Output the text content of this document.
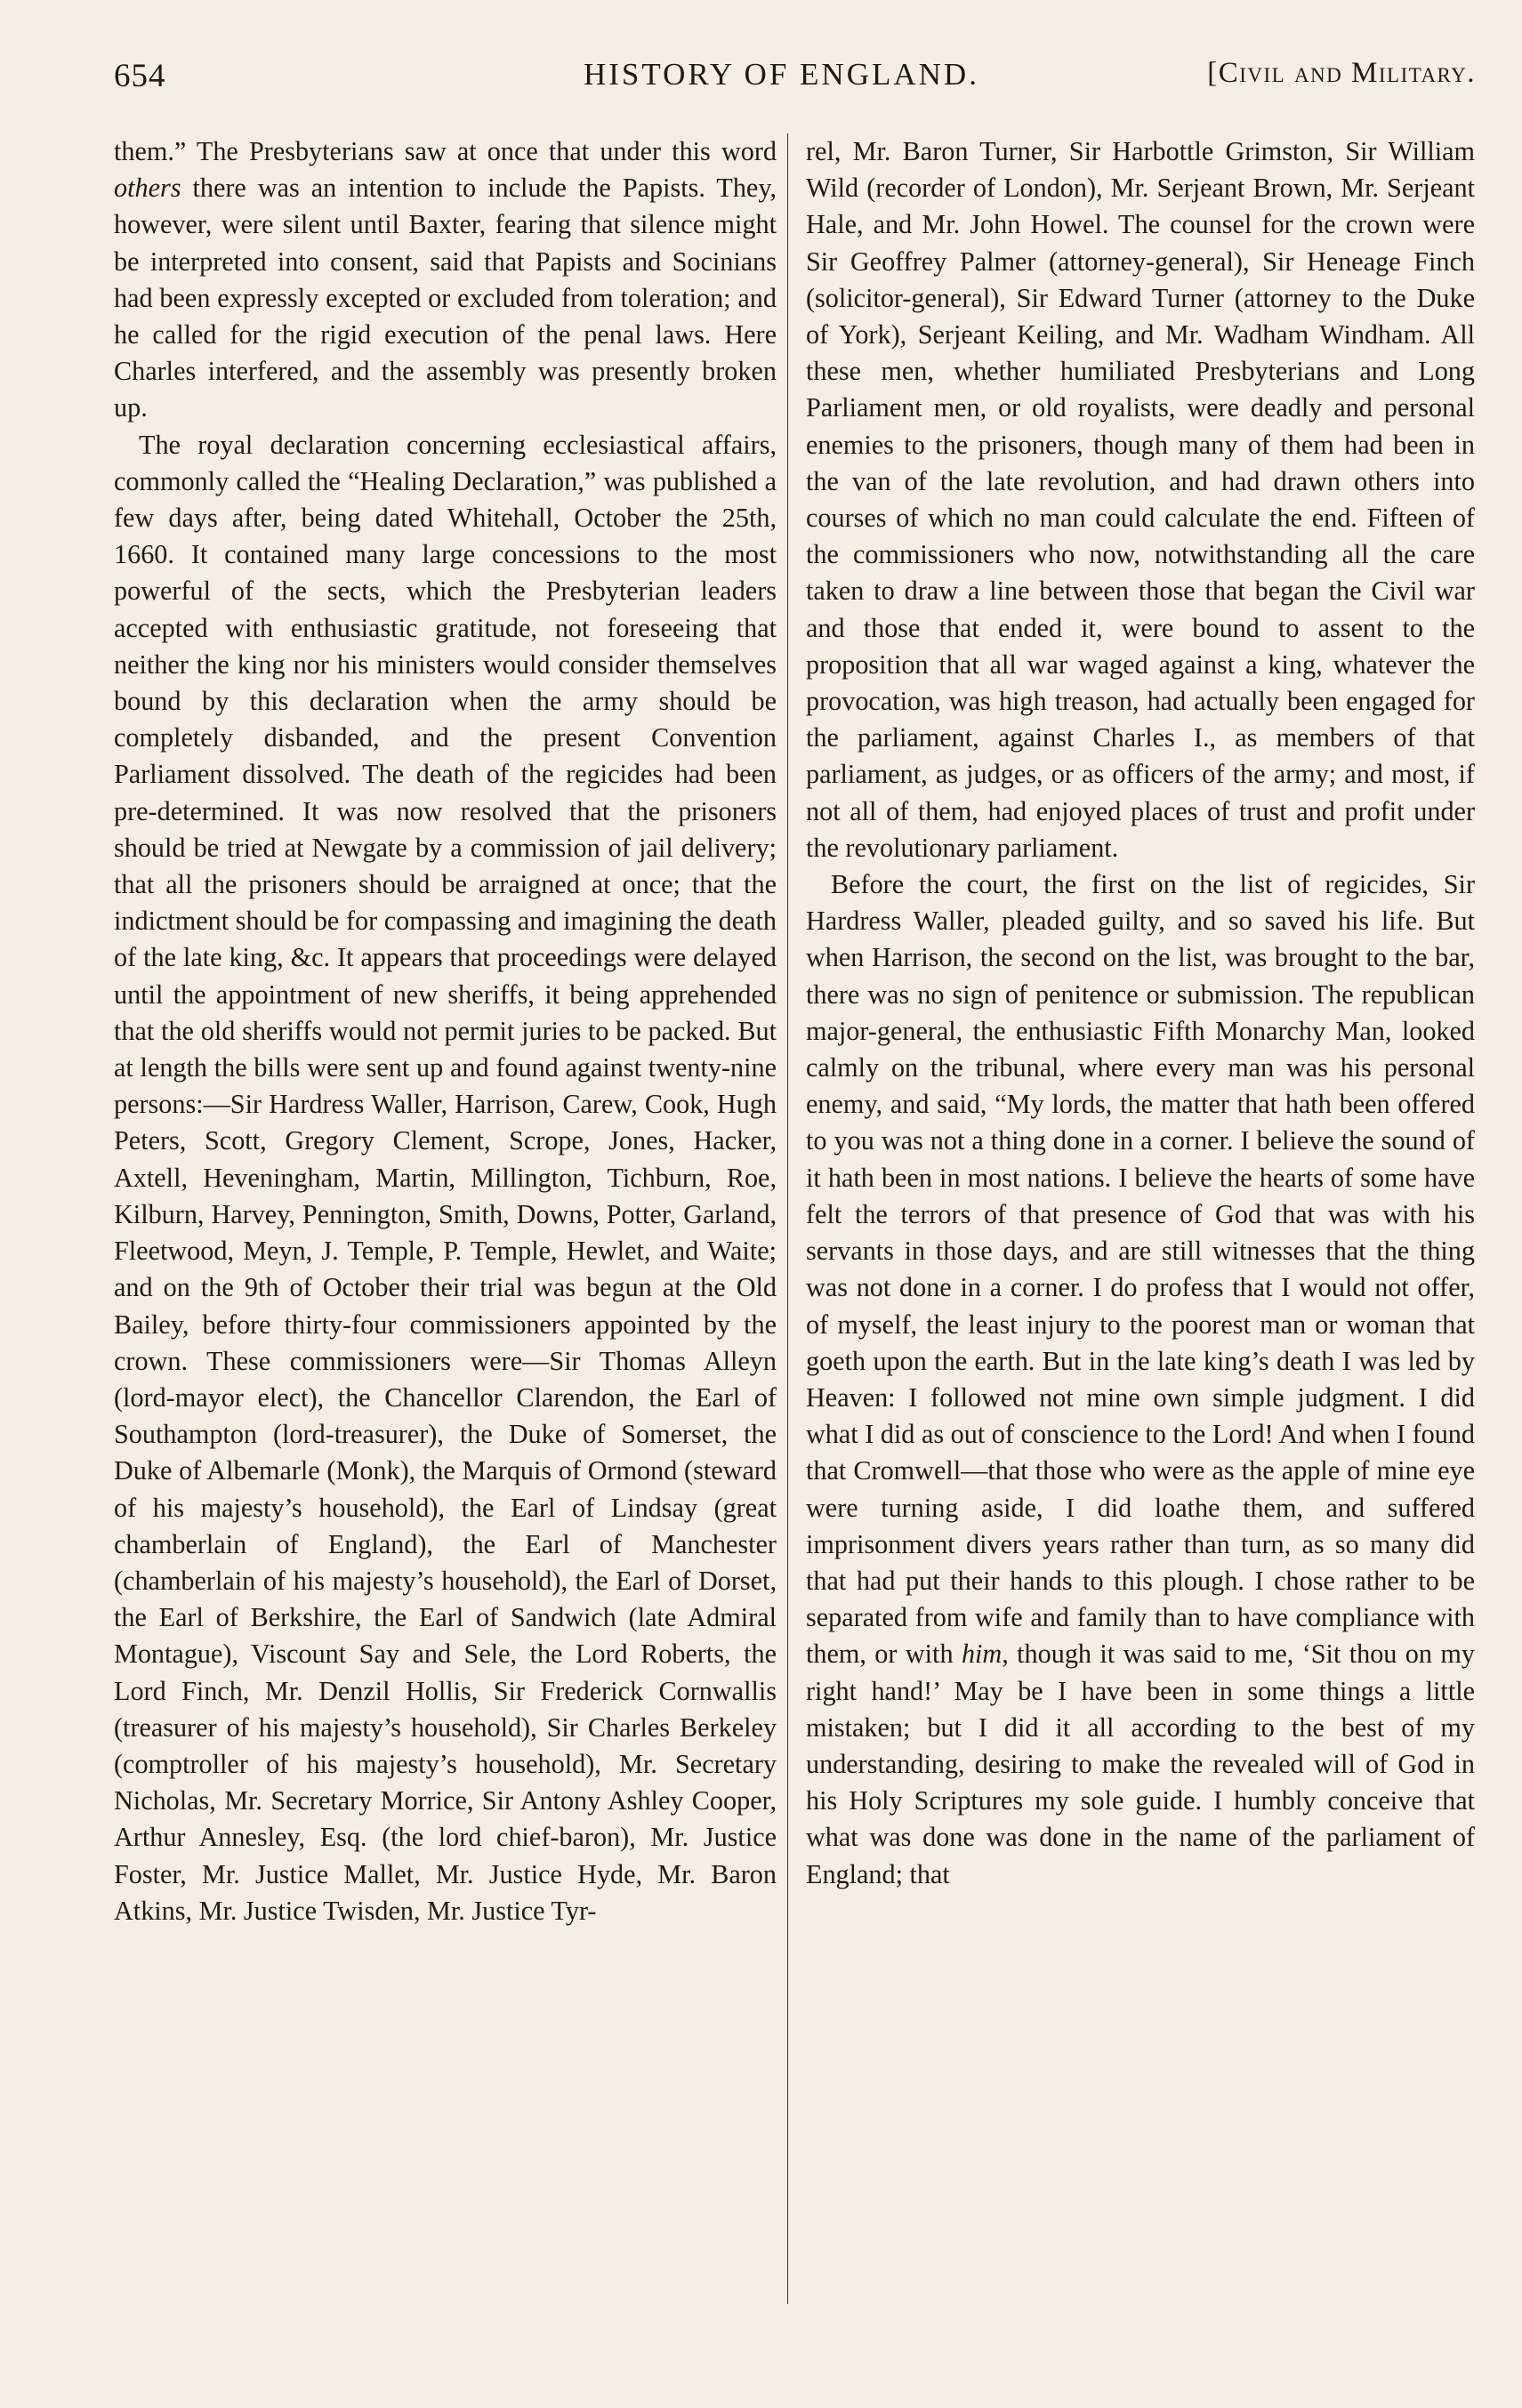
654	HISTORY OF ENGLAND.	[Civil and Military.

them.” The Presbyterians saw at once that under this word others there was an intention to include the Papists. They, however, were silent until Baxter, fearing that silence might be interpreted into consent, said that Papists and Socinians had been expressly excepted or excluded from toleration; and he called for the rigid execution of the penal laws. Here Charles interfered, and the assembly was presently broken up.

The royal declaration concerning ecclesiastical affairs, commonly called the “Healing Declaration,” was published a few days after, being dated Whitehall, October the 25th, 1660. It contained many large concessions to the most powerful of the sects, which the Presbyterian leaders accepted with enthusiastic gratitude, not foreseeing that neither the king nor his ministers would consider themselves bound by this declaration when the army should be completely disbanded, and the present Convention Parliament dissolved. The death of the regicides had been pre-determined. It was now resolved that the prisoners should be tried at Newgate by a commission of jail delivery; that all the prisoners should be arraigned at once; that the indictment should be for compassing and imagining the death of the late king, &c. It appears that proceedings were delayed until the appointment of new sheriffs, it being apprehended that the old sheriffs would not permit juries to be packed. But at length the bills were sent up and found against twenty-nine persons:—Sir Hardress Waller, Harrison, Carew, Cook, Hugh Peters, Scott, Gregory Clement, Scrope, Jones, Hacker, Axtell, Heveningham, Martin, Millington, Tichburn, Roe, Kilburn, Harvey, Pennington, Smith, Downs, Potter, Garland, Fleetwood, Meyn, J. Temple, P. Temple, Hewlet, and Waite; and on the 9th of October their trial was begun at the Old Bailey, before thirty-four commissioners appointed by the crown. These commissioners were—Sir Thomas Alleyn (lord-mayor elect), the Chancellor Clarendon, the Earl of Southampton (lord-treasurer), the Duke of Somerset, the Duke of Albemarle (Monk), the Marquis of Ormond (steward of his majesty’s household), the Earl of Lindsay (great chamberlain of England), the Earl of Manchester (chamberlain of his majesty’s household), the Earl of Dorset, the Earl of Berkshire, the Earl of Sandwich (late Admiral Montague), Viscount Say and Sele, the Lord Roberts, the Lord Finch, Mr. Denzil Hollis, Sir Frederick Cornwallis (treasurer of his majesty’s household), Sir Charles Berkeley (comptroller of his majesty’s household), Mr. Secretary Nicholas, Mr. Secretary Morrice, Sir Antony Ashley Cooper, Arthur Annesley, Esq. (the lord chief-baron), Mr. Justice Foster, Mr. Justice Mallet, Mr. Justice Hyde, Mr. Baron Atkins, Mr. Justice Twisden, Mr. Justice Tyr-

rel, Mr. Baron Turner, Sir Harbottle Grimston, Sir William Wild (recorder of London), Mr. Serjeant Brown, Mr. Serjeant Hale, and Mr. John Howel. The counsel for the crown were Sir Geoffrey Palmer (attorney-general), Sir Heneage Finch (solicitor-general), Sir Edward Turner (attorney to the Duke of York), Serjeant Keiling, and Mr. Wadham Windham. All these men, whether humiliated Presbyterians and Long Parliament men, or old royalists, were deadly and personal enemies to the prisoners, though many of them had been in the van of the late revolution, and had drawn others into courses of which no man could calculate the end. Fifteen of the commissioners who now, notwithstanding all the care taken to draw a line between those that began the Civil war and those that ended it, were bound to assent to the proposition that all war waged against a king, whatever the provocation, was high treason, had actually been engaged for the parliament, against Charles I., as members of that parliament, as judges, or as officers of the army; and most, if not all of them, had enjoyed places of trust and profit under the revolutionary parliament.

Before the court, the first on the list of regicides, Sir Hardress Waller, pleaded guilty, and so saved his life. But when Harrison, the second on the list, was brought to the bar, there was no sign of penitence or submission. The republican major-general, the enthusiastic Fifth Monarchy Man, looked calmly on the tribunal, where every man was his personal enemy, and said, “My lords, the matter that hath been offered to you was not a thing done in a corner. I believe the sound of it hath been in most nations. I believe the hearts of some have felt the terrors of that presence of God that was with his servants in those days, and are still witnesses that the thing was not done in a corner. I do profess that I would not offer, of myself, the least injury to the poorest man or woman that goeth upon the earth. But in the late king’s death I was led by Heaven: I followed not mine own simple judgment. I did what I did as out of conscience to the Lord! And when I found that Cromwell—that those who were as the apple of mine eye were turning aside, I did loathe them, and suffered imprisonment divers years rather than turn, as so many did that had put their hands to this plough. I chose rather to be separated from wife and family than to have compliance with them, or with him, though it was said to me, ‘Sit thou on my right hand!’ May be I have been in some things a little mistaken; but I did it all according to the best of my understanding, desiring to make the revealed will of God in his Holy Scriptures my sole guide. I humbly conceive that what was done was done in the name of the parliament of England; that
